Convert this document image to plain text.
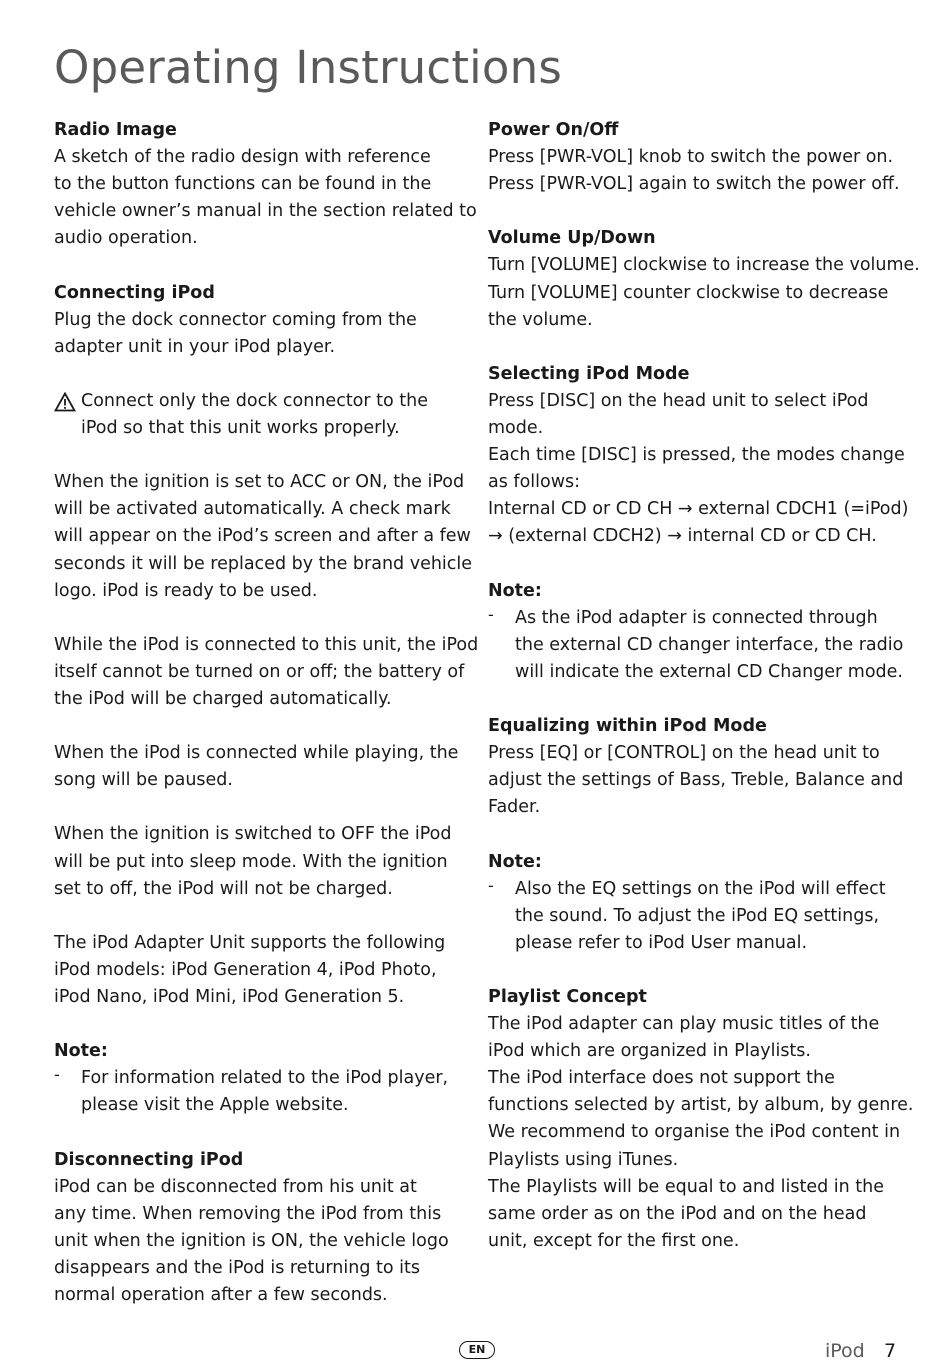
Operating Instructions
Radio Image
A sketch of the radio design with reference
to the button functions can be found in the
vehicle owner’s manual in the section related to
audio operation.
Connecting iPod
Plug the dock connector coming from the
adapter unit in your iPod player.
Connect only the dock connector to the
iPod so that this unit works properly.
When the ignition is set to ACC or ON, the iPod
will be activated automatically. A check mark
will appear on the iPod’s screen and after a few
seconds it will be replaced by the brand vehicle
logo. iPod is ready to be used.
While the iPod is connected to this unit, the iPod
itself cannot be turned on or off; the battery of
the iPod will be charged automatically.
When the iPod is connected while playing, the
song will be paused.
When the ignition is switched to OFF the iPod
will be put into sleep mode. With the ignition
set to off, the iPod will not be charged.
The iPod Adapter Unit supports the following
iPod models: iPod Generation 4, iPod Photo,
iPod Nano, iPod Mini, iPod Generation 5.
Note:
- For information related to the iPod player,
please visit the Apple website.
Disconnecting iPod
iPod can be disconnected from his unit at
any time. When removing the iPod from this
unit when the ignition is ON, the vehicle logo
disappears and the iPod is returning to its
normal operation after a few seconds.
Power On/Off
Press [PWR-VOL] knob to switch the power on.
Press [PWR-VOL] again to switch the power off.
Volume Up/Down
Turn [VOLUME] clockwise to increase the volume.
Turn [VOLUME] counter clockwise to decrease
the volume.
Selecting iPod Mode
Press [DISC] on the head unit to select iPod
mode.
Each time [DISC] is pressed, the modes change
as follows:
Internal CD or CD CH → external CDCH1 (=iPod)
→ (external CDCH2) → internal CD or CD CH.
Note:
- As the iPod adapter is connected through
the external CD changer interface, the radio
will indicate the external CD Changer mode.
Equalizing within iPod Mode
Press [EQ] or [CONTROL] on the head unit to
adjust the settings of Bass, Treble, Balance and
Fader.
Note:
- Also the EQ settings on the iPod will effect
the sound. To adjust the iPod EQ settings,
please refer to iPod User manual.
Playlist Concept
The iPod adapter can play music titles of the
iPod which are organized in Playlists.
The iPod interface does not support the
functions selected by artist, by album, by genre.
We recommend to organise the iPod content in
Playlists using iTunes.
The Playlists will be equal to and listed in the
same order as on the iPod and on the head
unit, except for the first one.
EN	iPod 7
